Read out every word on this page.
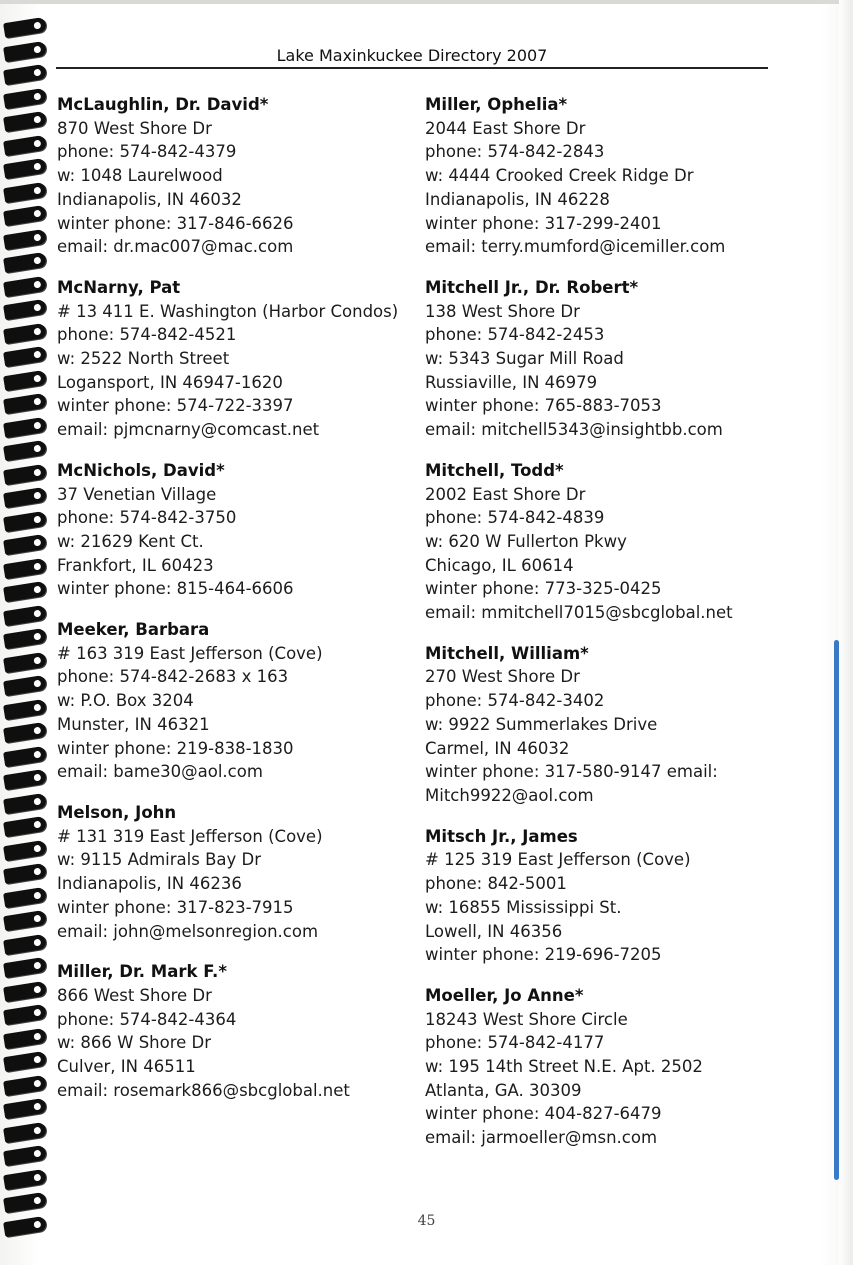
Lake Maxinkuckee Directory 2007
McLaughlin, Dr. David*
870 West Shore Dr
phone: 574-842-4379
w: 1048 Laurelwood
Indianapolis, IN 46032
winter phone: 317-846-6626
email: dr.mac007@mac.com
McNarny, Pat
# 13 411 E. Washington (Harbor Condos)
phone: 574-842-4521
w: 2522 North Street
Logansport, IN 46947-1620
winter phone: 574-722-3397
email: pjmcnarny@comcast.net
McNichols, David*
37 Venetian Village
phone: 574-842-3750
w: 21629 Kent Ct.
Frankfort, IL 60423
winter phone: 815-464-6606
Meeker, Barbara
# 163 319 East Jefferson (Cove)
phone: 574-842-2683 x 163
w: P.O. Box 3204
Munster, IN 46321
winter phone: 219-838-1830
email: bame30@aol.com
Melson, John
# 131 319 East Jefferson (Cove)
w: 9115 Admirals Bay Dr
Indianapolis, IN 46236
winter phone: 317-823-7915
email: john@melsonregion.com
Miller, Dr. Mark F.*
866 West Shore Dr
phone: 574-842-4364
w: 866 W Shore Dr
Culver, IN 46511
email: rosemark866@sbcglobal.net
Miller, Ophelia*
2044 East Shore Dr
phone: 574-842-2843
w: 4444 Crooked Creek Ridge Dr
Indianapolis, IN 46228
winter phone: 317-299-2401
email: terry.mumford@icemiller.com
Mitchell Jr., Dr. Robert*
138 West Shore Dr
phone: 574-842-2453
w: 5343 Sugar Mill Road
Russiaville, IN 46979
winter phone: 765-883-7053
email: mitchell5343@insightbb.com
Mitchell, Todd*
2002 East Shore Dr
phone: 574-842-4839
w: 620 W Fullerton Pkwy
Chicago, IL 60614
winter phone: 773-325-0425
email: mmitchell7015@sbcglobal.net
Mitchell, William*
270 West Shore Dr
phone: 574-842-3402
w: 9922 Summerlakes Drive
Carmel, IN 46032
winter phone: 317-580-9147 email:
Mitch9922@aol.com
Mitsch Jr., James
# 125 319 East Jefferson (Cove)
phone: 842-5001
w: 16855 Mississippi St.
Lowell, IN 46356
winter phone: 219-696-7205
Moeller, Jo Anne*
18243 West Shore Circle
phone: 574-842-4177
w: 195 14th Street N.E. Apt. 2502
Atlanta, GA. 30309
winter phone: 404-827-6479
email: jarmoeller@msn.com
45
